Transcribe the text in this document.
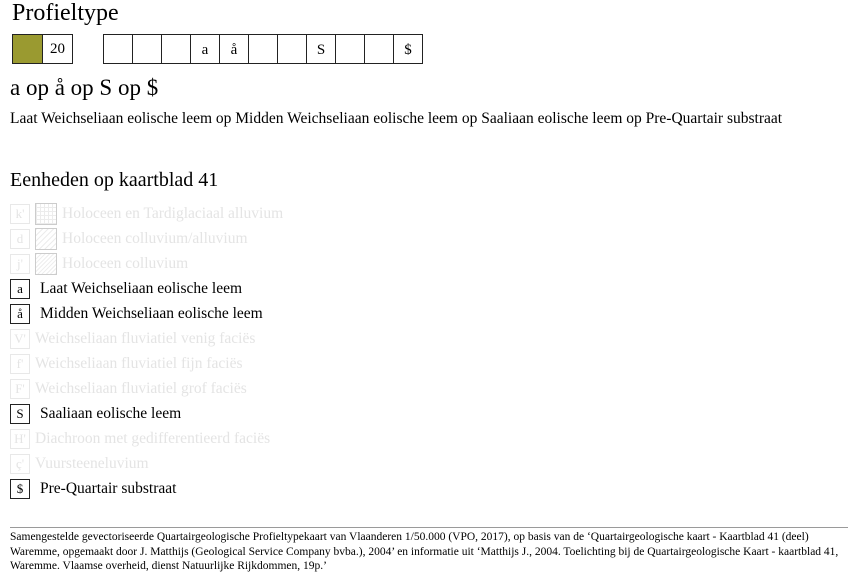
Profieltype
20	a	å	S	$
a op å op S op $
Laat Weichseliaan eolische leem op Midden Weichseliaan eolische leem op Saaliaan eolische leem op Pre-Quartair substraat
Eenheden op kaartblad 41
k'	Holoceen en Tardiglaciaal alluvium
d	Holoceen colluvium/alluvium
j'	Holoceen colluvium
a	Laat Weichseliaan eolische leem
å	Midden Weichseliaan eolische leem
V' Weichseliaan fluviatiel venig faciës
f' Weichseliaan fluviatiel fijn faciës
F' Weichseliaan fluviatiel grof faciës
S	Saaliaan eolische leem
H' Diachroon met gedifferentieerd faciës
ç' Vuursteeneluvium
$	Pre-Quartair substraat
Samengestelde gevectoriseerde Quartairgeologische Profieltypekaart van Vlaanderen 1/50.000 (VPO, 2017), op basis van de ‘Quartairgeologische kaart - Kaartblad 41 (deel) Waremme, opgemaakt door J. Matthijs (Geological Service Company bvba.), 2004’ en informatie uit ‘Matthijs J., 2004. Toelichting bij de Quartairgeologische Kaart - kaartblad 41, Waremme. Vlaamse overheid, dienst Natuurlijke Rijkdommen, 19p.’
